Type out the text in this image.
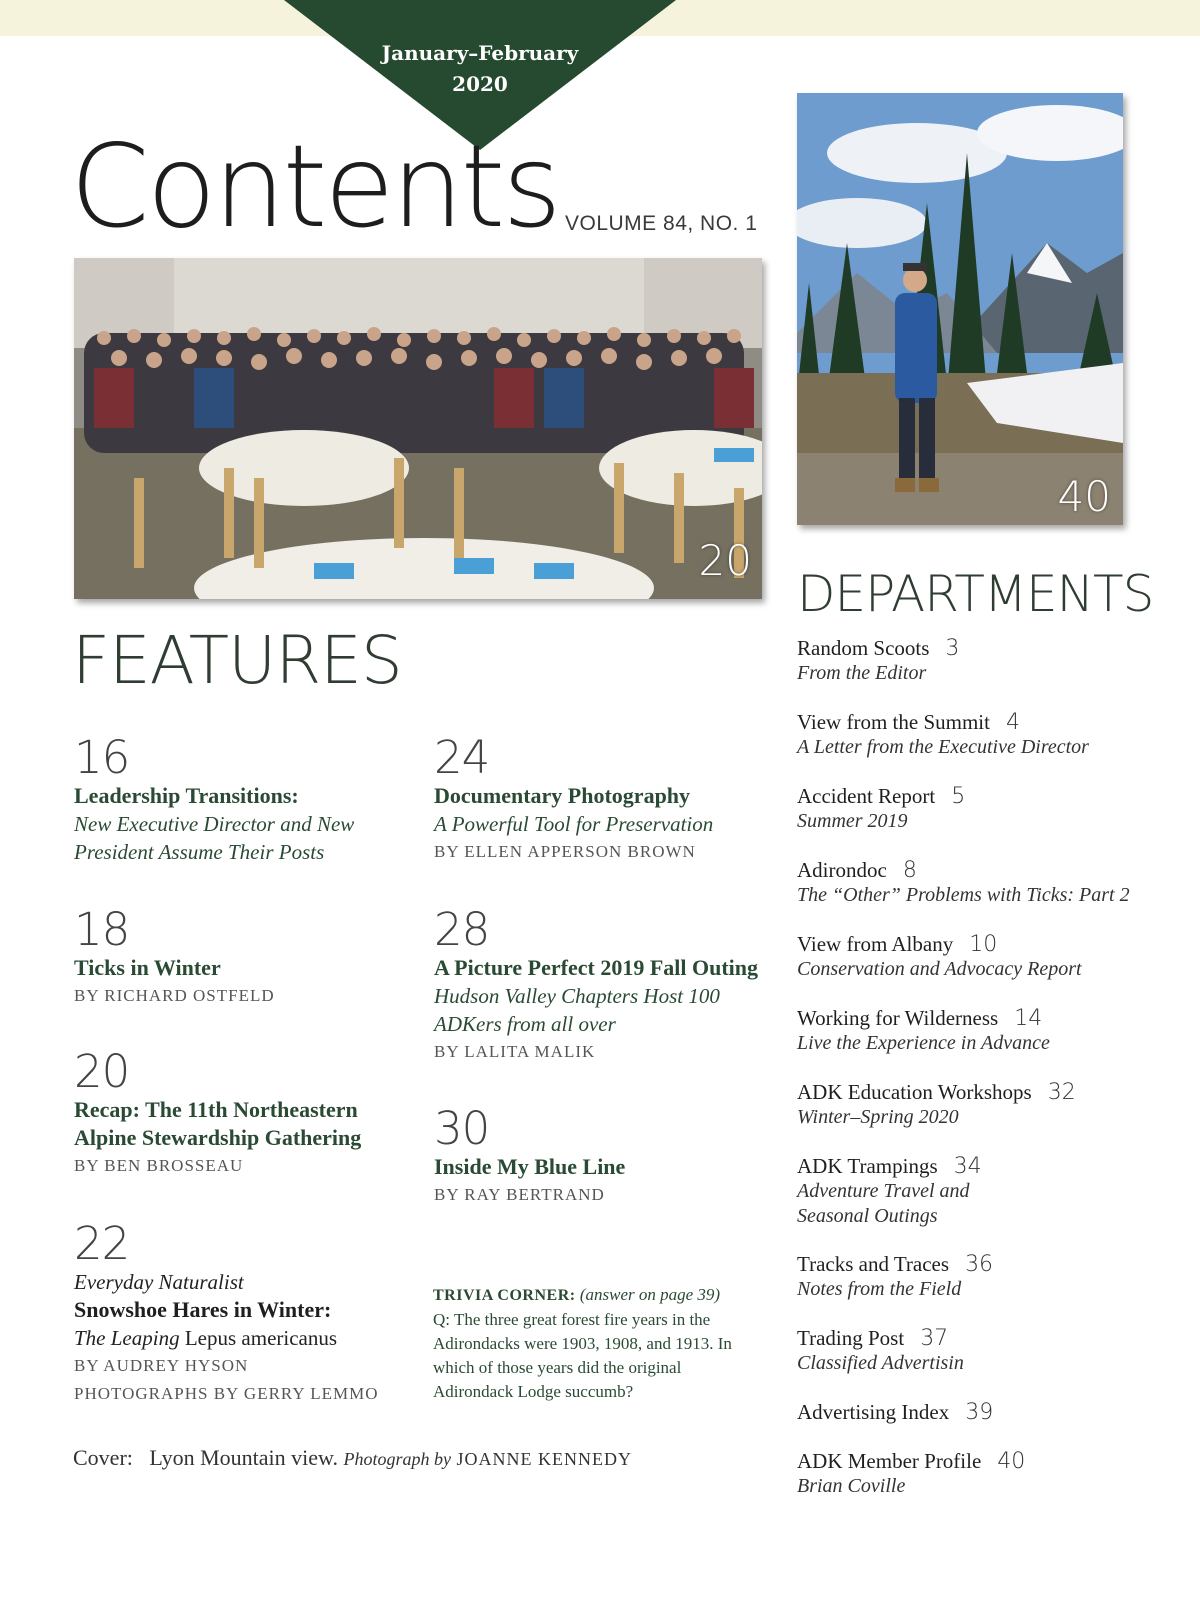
January–February
2020
Contents VOLUME 84, NO. 1
20
40
FEATURES
16
Leadership Transitions:
New Executive Director and New
President Assume Their Posts
18
Ticks in Winter
BY RICHARD OSTFELD
20
Recap: The 11th Northeastern
Alpine Stewardship Gathering
BY BEN BROSSEAU
22
Everyday Naturalist
Snowshoe Hares in Winter:
The Leaping Lepus americanus
BY AUDREY HYSON
PHOTOGRAPHS BY GERRY LEMMO
24
Documentary Photography
A Powerful Tool for Preservation
BY ELLEN APPERSON BROWN
28
A Picture Perfect 2019 Fall Outing
Hudson Valley Chapters Host 100
ADKers from all over
BY LALITA MALIK
30
Inside My Blue Line
BY RAY BERTRAND
TRIVIA CORNER: (answer on page 39)
Q: The three great forest fire years in the Adirondacks were 1903, 1908, and 1913. In which of those years did the original Adirondack Lodge succumb?
Cover: Lyon Mountain view. Photograph by JOANNE KENNEDY
DEPARTMENTS
Random Scoots 3
From the Editor
View from the Summit 4
A Letter from the Executive Director
Accident Report 5
Summer 2019
Adirondoc 8
The “Other” Problems with Ticks: Part 2
View from Albany 10
Conservation and Advocacy Report
Working for Wilderness 14
Live the Experience in Advance
ADK Education Workshops 32
Winter–Spring 2020
ADK Trampings 34
Adventure Travel and
Seasonal Outings
Tracks and Traces 36
Notes from the Field
Trading Post 37
Classified Advertisin
Advertising Index 39
ADK Member Profile 40
Brian Coville
